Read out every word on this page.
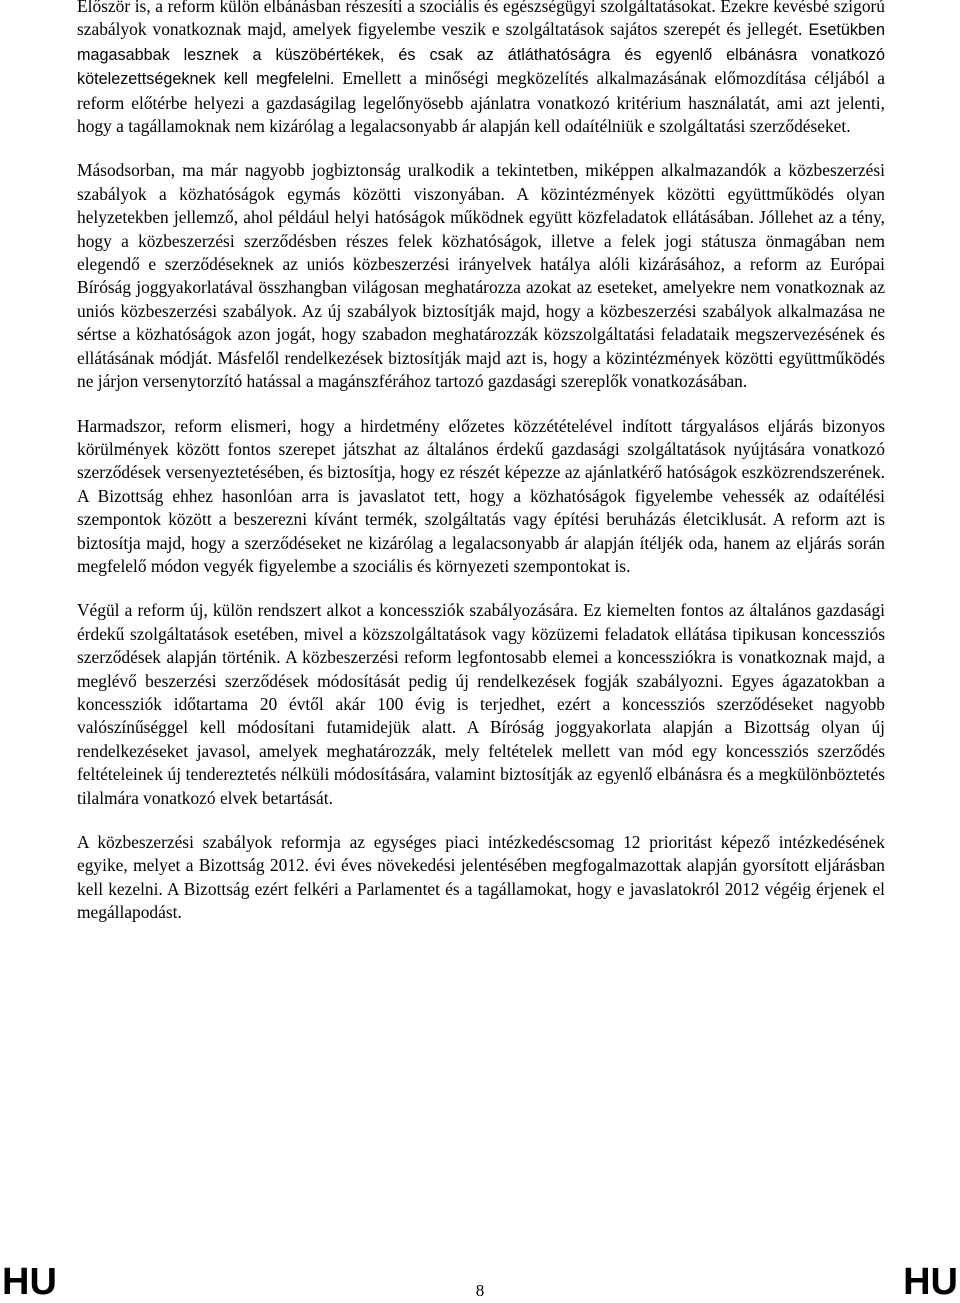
Először is, a reform külön elbánásban részesíti a szociális és egészségügyi szolgáltatásokat. Ezekre kevésbé szigorú szabályok vonatkoznak majd, amelyek figyelembe veszik e szolgáltatások sajátos szerepét és jellegét. Esetükben magasabbak lesznek a küszöbértékek, és csak az átláthatóságra és egyenlő elbánásra vonatkozó kötelezettségeknek kell megfelelni. Emellett a minőségi megközelítés alkalmazásának előmozdítása céljából a reform előtérbe helyezi a gazdaságilag legelőnyösebb ajánlatra vonatkozó kritérium használatát, ami azt jelenti, hogy a tagállamoknak nem kizárólag a legalacsonyabb ár alapján kell odaítélniük e szolgáltatási szerződéseket.

Másodsorban, ma már nagyobb jogbiztonság uralkodik a tekintetben, miképpen alkalmazandók a közbeszerzési szabályok a közhatóságok egymás közötti viszonyában. A közintézmények közötti együttműködés olyan helyzetekben jellemző, ahol például helyi hatóságok működnek együtt közfeladatok ellátásában. Jóllehet az a tény, hogy a közbeszerzési szerződésben részes felek közhatóságok, illetve a felek jogi státusza önmagában nem elegendő e szerződéseknek az uniós közbeszerzési irányelvek hatálya alóli kizárásához, a reform az Európai Bíróság joggyakorlatával összhangban világosan meghatározza azokat az eseteket, amelyekre nem vonatkoznak az uniós közbeszerzési szabályok. Az új szabályok biztosítják majd, hogy a közbeszerzési szabályok alkalmazása ne sértse a közhatóságok azon jogát, hogy szabadon meghatározzák közszolgáltatási feladataik megszervezésének és ellátásának módját. Másfelől rendelkezések biztosítják majd azt is, hogy a közintézmények közötti együttműködés ne járjon versenytorzító hatással a magánszférához tartozó gazdasági szereplők vonatkozásában.

Harmadszor, reform elismeri, hogy a hirdetmény előzetes közzétételével indított tárgyalásos eljárás bizonyos körülmények között fontos szerepet játszhat az általános érdekű gazdasági szolgáltatások nyújtására vonatkozó szerződések versenyeztetésében, és biztosítja, hogy ez részét képezze az ajánlatkérő hatóságok eszközrendszerének. A Bizottság ehhez hasonlóan arra is javaslatot tett, hogy a közhatóságok figyelembe vehessék az odaítélési szempontok között a beszerezni kívánt termék, szolgáltatás vagy építési beruházás életciklusát. A reform azt is biztosítja majd, hogy a szerződéseket ne kizárólag a legalacsonyabb ár alapján ítéljék oda, hanem az eljárás során megfelelő módon vegyék figyelembe a szociális és környezeti szempontokat is.

Végül a reform új, külön rendszert alkot a koncessziók szabályozására. Ez kiemelten fontos az általános gazdasági érdekű szolgáltatások esetében, mivel a közszolgáltatások vagy közüzemi feladatok ellátása tipikusan koncessziós szerződések alapján történik. A közbeszerzési reform legfontosabb elemei a koncessziókra is vonatkoznak majd, a meglévő beszerzési szerződések módosítását pedig új rendelkezések fogják szabályozni. Egyes ágazatokban a koncessziók időtartama 20 évtől akár 100 évig is terjedhet, ezért a koncessziós szerződéseket nagyobb valószínűséggel kell módosítani futamidejük alatt. A Bíróság joggyakorlata alapján a Bizottság olyan új rendelkezéseket javasol, amelyek meghatározzák, mely feltételek mellett van mód egy koncessziós szerződés feltételeinek új tendereztetés nélküli módosítására, valamint biztosítják az egyenlő elbánásra és a megkülönböztetés tilalmára vonatkozó elvek betartását.

A közbeszerzési szabályok reformja az egységes piaci intézkedéscsomag 12 prioritást képező intézkedésének egyike, melyet a Bizottság 2012. évi éves növekedési jelentésében megfogalmazottak alapján gyorsított eljárásban kell kezelni. A Bizottság ezért felkéri a Parlamentet és a tagállamokat, hogy e javaslatokról 2012 végéig érjenek el megállapodást.

HU	8	HU
